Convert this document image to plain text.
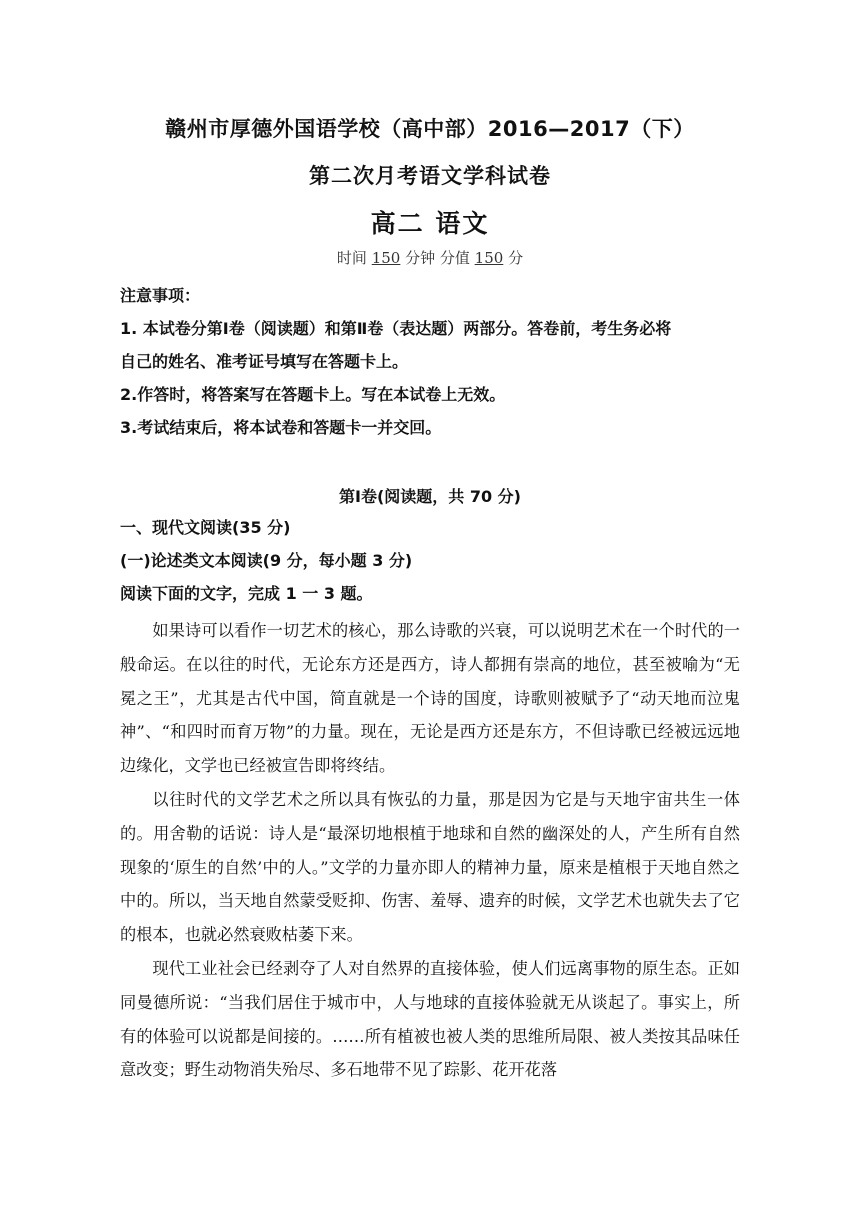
赣州市厚德外国语学校（高中部）2016—2017（下）
第二次月考语文学科试卷
高二 语文
时间 150 分钟 分值 150 分
注意事项：
1. 本试卷分第Ⅰ卷（阅读题）和第Ⅱ卷（表达题）两部分。答卷前，考生务必将
自己的姓名、准考证号填写在答题卡上。
2.作答时，将答案写在答题卡上。写在本试卷上无效。
3.考试结束后，将本试卷和答题卡一并交回。
第Ⅰ卷(阅读题，共 70 分)
一、现代文阅读(35 分)
(一)论述类文本阅读(9 分，每小题 3 分)
阅读下面的文字，完成 1 一 3 题。

如果诗可以看作一切艺术的核心，那么诗歌的兴衰，可以说明艺术在一个时代的一般命运。在以往的时代，无论东方还是西方，诗人都拥有崇高的地位，甚至被喻为“无冕之王”，尤其是古代中国，简直就是一个诗的国度，诗歌则被赋予了“动天地而泣鬼神”、“和四时而育万物”的力量。现在，无论是西方还是东方，不但诗歌已经被远远地边缘化，文学也已经被宣告即将终结。

以往时代的文学艺术之所以具有恢弘的力量，那是因为它是与天地宇宙共生一体的。用舍勒的话说：诗人是“最深切地根植于地球和自然的幽深处的人，产生所有自然现象的‘原生的自然’中的人。”文学的力量亦即人的精神力量，原来是植根于天地自然之中的。所以，当天地自然蒙受贬抑、伤害、羞辱、遗弃的时候，文学艺术也就失去了它的根本，也就必然衰败枯萎下来。

现代工业社会已经剥夺了人对自然界的直接体验，使人们远离事物的原生态。正如同曼德所说：“当我们居住于城市中，人与地球的直接体验就无从谈起了。事实上，所有的体验可以说都是间接的。……所有植被也被人类的思维所局限、被人类按其品味任意改变；野生动物消失殆尽、多石地带不见了踪影、花开花落
